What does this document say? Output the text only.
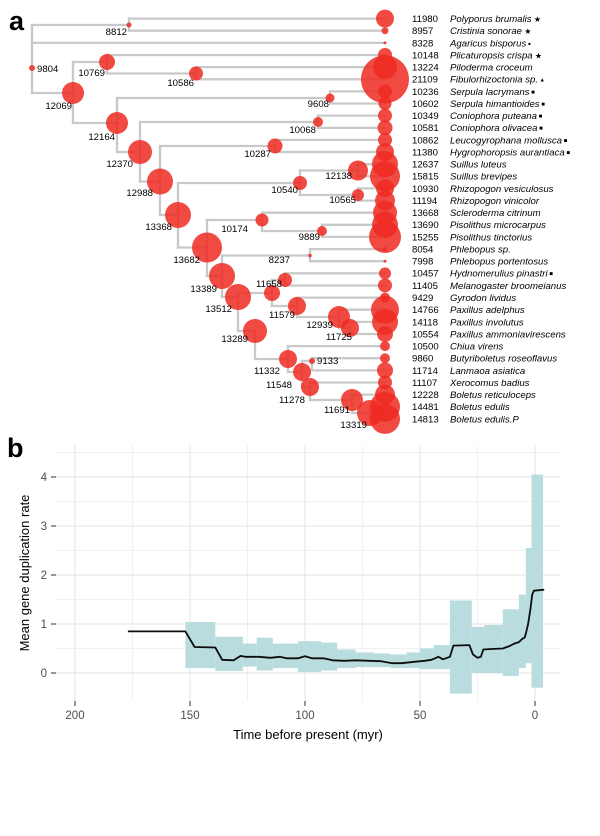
a
b
11980 Polyporus brumalis ★
8957 Cristinia sonorae ★
8328 Agaricus bisporus ●
10148 Plicaturopsis crispa ★
13224 Piloderma croceum
21109 Fibulorhizoctonia sp. ▲
10236 Serpula lacrymans ■
10602 Serpula himantioides ■
10349 Coniophora puteana ■
10581 Coniophora olivacea ■
10862 Leucogyrophana mollusca ■
11380 Hygrophoropsis aurantiaca ■
12637 Suillus luteus
15815 Suillus brevipes
10930 Rhizopogon vesiculosus
11194 Rhizopogon vinicolor
13668 Scleroderma citrinum
13690 Pisolithus microcarpus
15255 Pisolithus tinctorius
8054 Phlebopus sp.
7998 Phlebopus portentosus
10457 Hydnomerulius pinastri ■
11405 Melanogaster broomeianus
9429 Gyrodon lividus
14766 Paxillus adelphus
14118 Paxillus involutus
10554 Paxillus ammoniavirescens
10500 Chiua virens
9860 Butyriboletus roseoflavus
11714 Lanmaoa asiatica
11107 Xerocomus badius
12228 Boletus reticuloceps
14481 Boletus edulis
14813 Boletus edulis.P
9804
8812
12069
10769
10586
12164
9608
12370
10068
12988
10287
13368
10540
12138
10565
13682
10174
9889
13389
8237
13512
11658
11579
12939
11725
13289
11332
9133
11548
11278
11691
13319
200	150	100	50	0
0
1
2
3
4
Time before present (myr)
Mean gene duplication rate
